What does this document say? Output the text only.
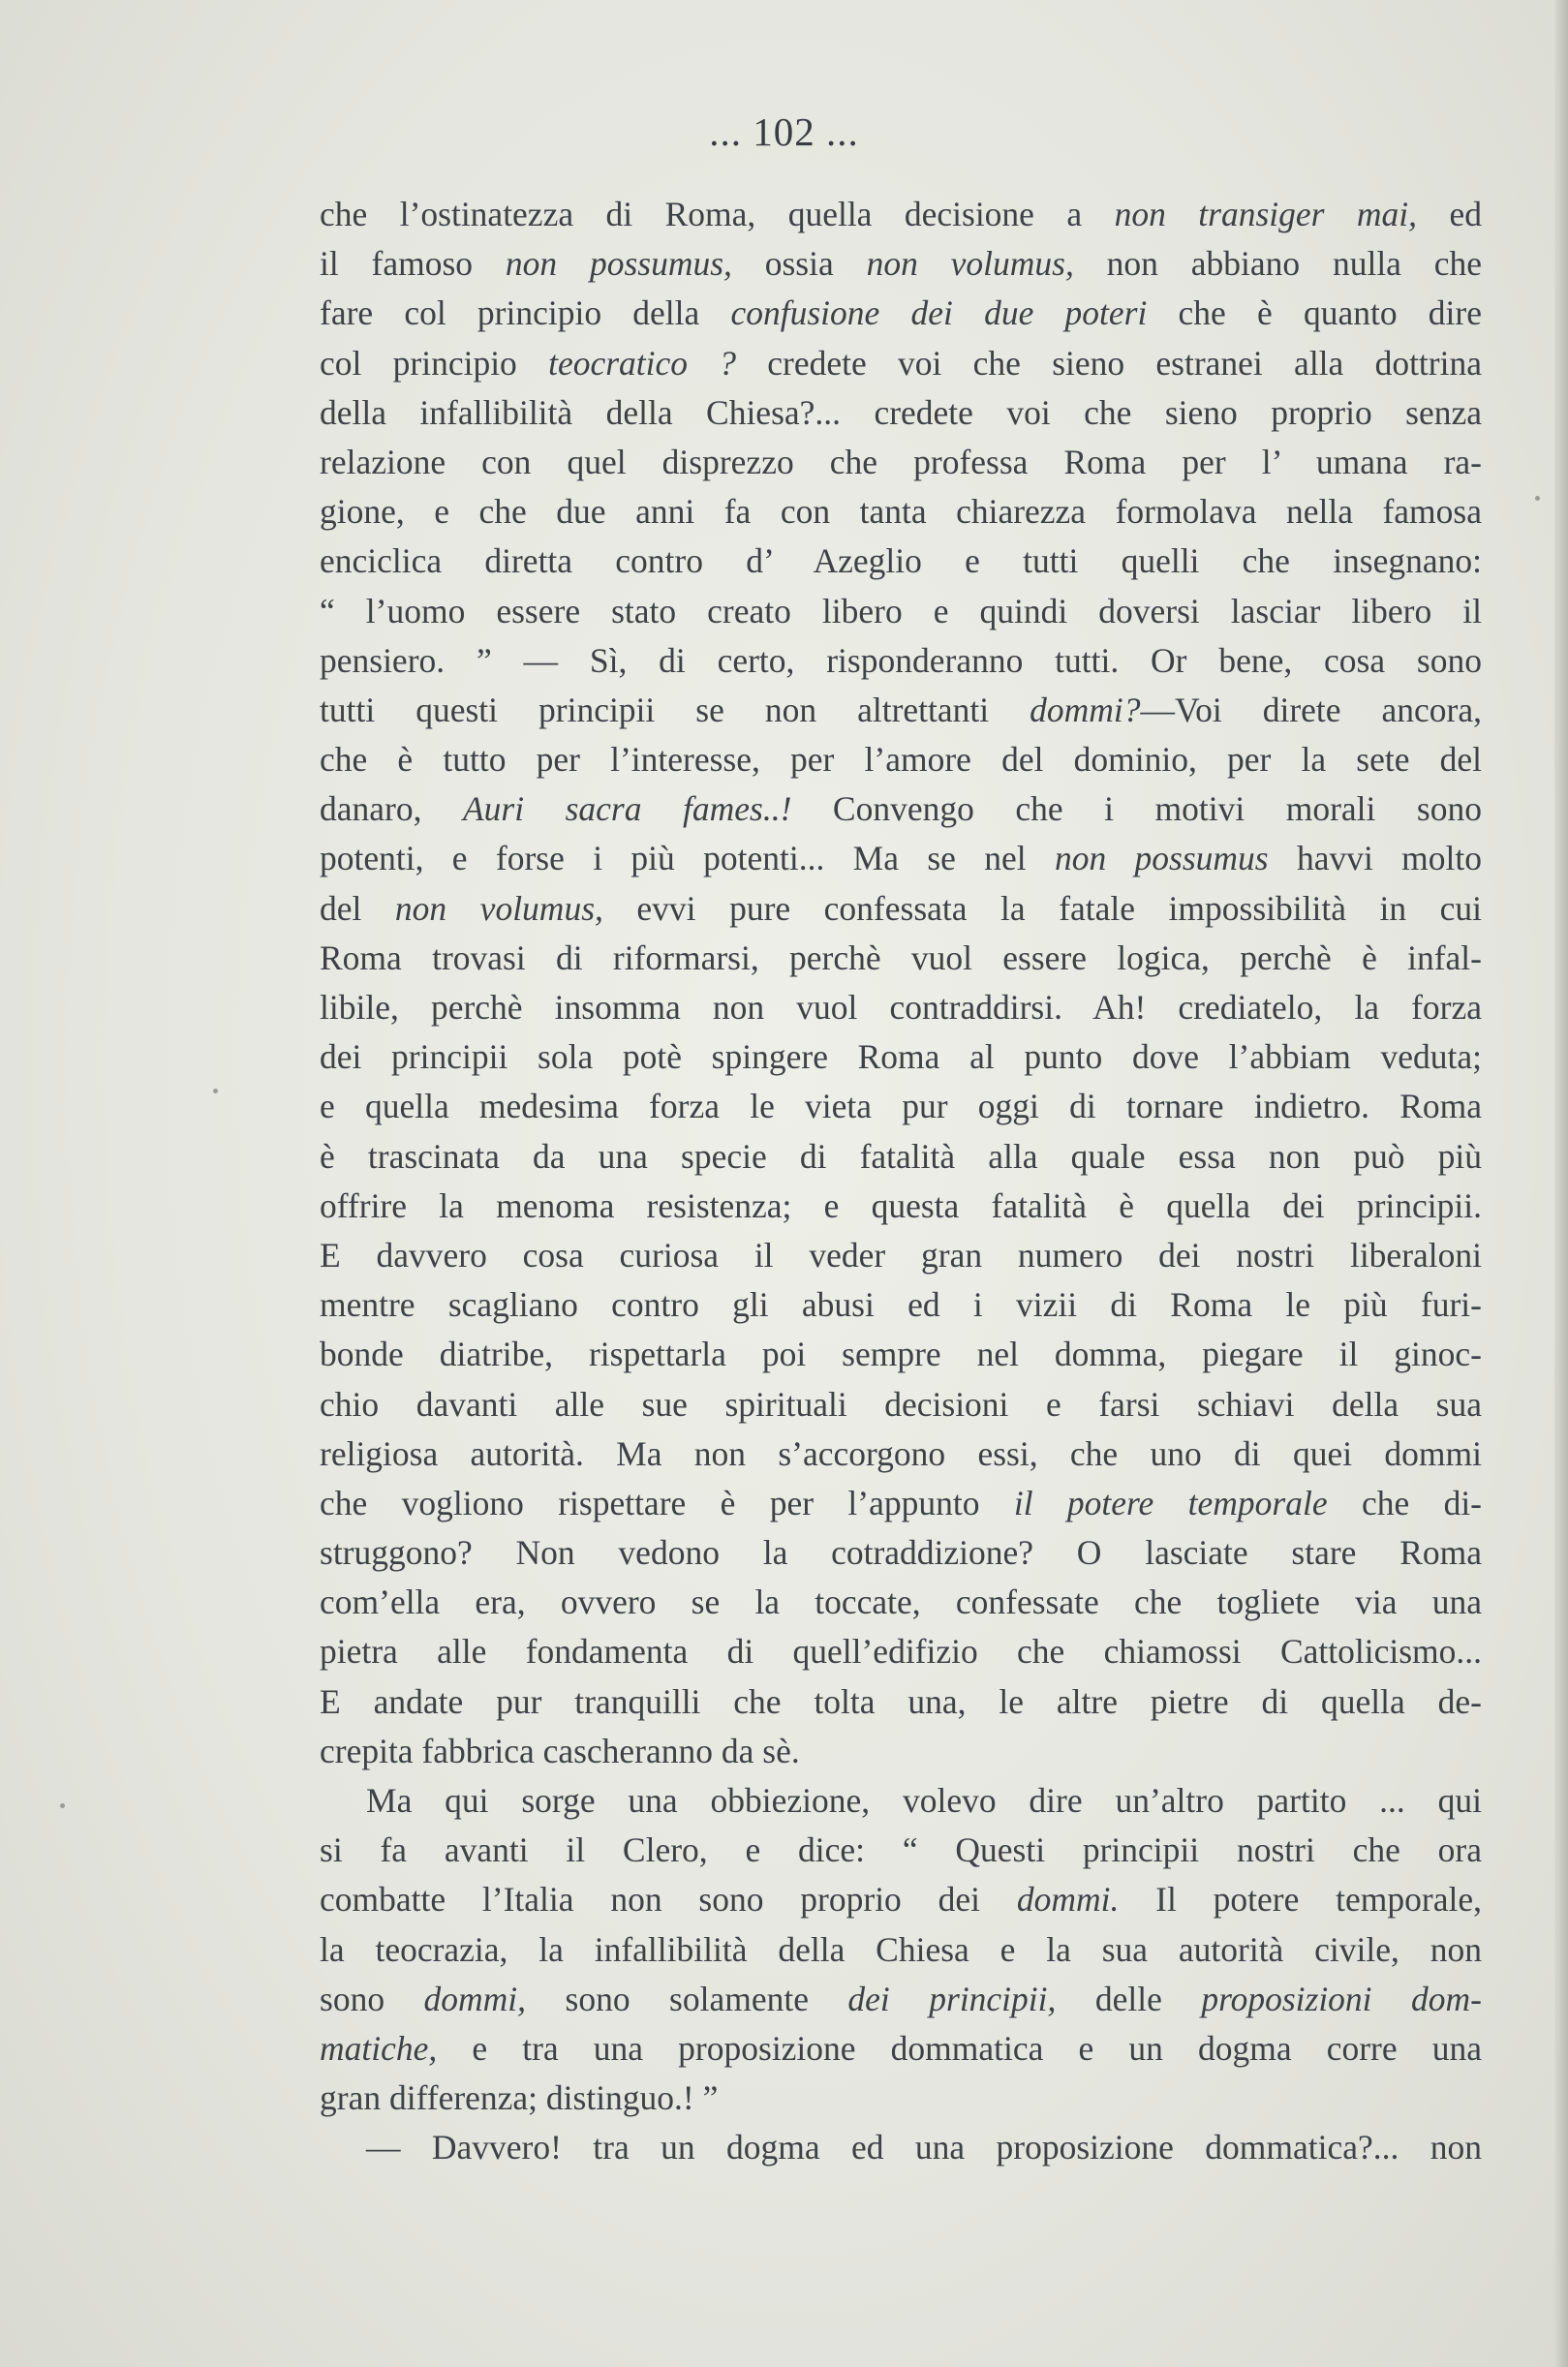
... 102 ...
che l’ostinatezza di Roma, quella decisione a non transiger mai, ed
il famoso non possumus, ossia non volumus, non abbiano nulla che
fare col principio della confusione dei due poteri che è quanto dire
col principio teocratico ? credete voi che sieno estranei alla dottrina
della infallibilità della Chiesa?... credete voi che sieno proprio senza
relazione con quel disprezzo che professa Roma per l’ umana ra-
gione, e che due anni fa con tanta chiarezza formolava nella famosa
enciclica diretta contro d’ Azeglio e tutti quelli che insegnano:
“ l’uomo essere stato creato libero e quindi doversi lasciar libero il
pensiero. ” — Sì, di certo, risponderanno tutti. Or bene, cosa sono
tutti questi principii se non altrettanti dommi?—Voi direte ancora,
che è tutto per l’interesse, per l’amore del dominio, per la sete del
danaro, Auri sacra fames..! Convengo che i motivi morali sono
potenti, e forse i più potenti... Ma se nel non possumus havvi molto
del non volumus, evvi pure confessata la fatale impossibilità in cui
Roma trovasi di riformarsi, perchè vuol essere logica, perchè è infal-
libile, perchè insomma non vuol contraddirsi. Ah! crediatelo, la forza
dei principii sola potè spingere Roma al punto dove l’abbiam veduta;
e quella medesima forza le vieta pur oggi di tornare indietro. Roma
è trascinata da una specie di fatalità alla quale essa non può più
offrire la menoma resistenza; e questa fatalità è quella dei principii.
E davvero cosa curiosa il veder gran numero dei nostri liberaloni
mentre scagliano contro gli abusi ed i vizii di Roma le più furi-
bonde diatribe, rispettarla poi sempre nel domma, piegare il ginoc-
chio davanti alle sue spirituali decisioni e farsi schiavi della sua
religiosa autorità. Ma non s’accorgono essi, che uno di quei dommi
che vogliono rispettare è per l’appunto il potere temporale che di-
struggono? Non vedono la cotraddizione? O lasciate stare Roma
com’ella era, ovvero se la toccate, confessate che togliete via una
pietra alle fondamenta di quell’edifizio che chiamossi Cattolicismo...
E andate pur tranquilli che tolta una, le altre pietre di quella de-
crepita fabbrica cascheranno da sè.
Ma qui sorge una obbiezione, volevo dire un’altro partito ... qui
si fa avanti il Clero, e dice: “ Questi principii nostri che ora
combatte l’Italia non sono proprio dei dommi. Il potere temporale,
la teocrazia, la infallibilità della Chiesa e la sua autorità civile, non
sono dommi, sono solamente dei principii, delle proposizioni dom-
matiche, e tra una proposizione dommatica e un dogma corre una
gran differenza; distinguo.! ”
— Davvero! tra un dogma ed una proposizione dommatica?... non
